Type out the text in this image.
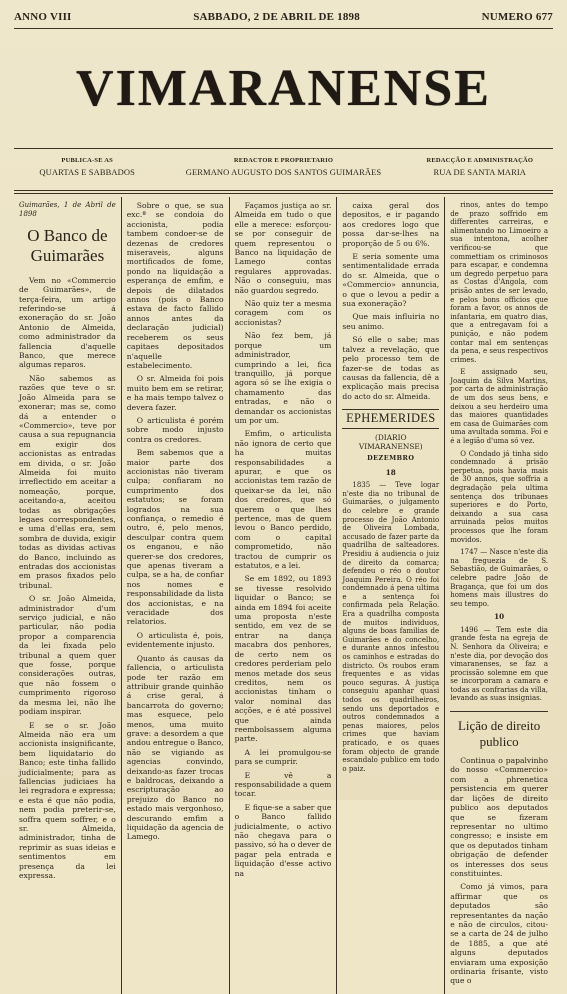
ANNO VIII	SABBADO, 2 DE ABRIL DE 1898	NUMERO 677
VIMARANENSE
PUBLICA-SE AS
QUARTAS E SABBADOS
REDACTOR E PROPRIETARIO
GERMANO AUGUSTO DOS SANTOS GUIMARÃES
REDACÇÃO E ADMINISTRAÇÃO
RUA DE SANTA MARIA
Guimarães, 1 de Abril de 1898
O Banco de
Guimarães

Vem no «Commercio de Guimarães», de terça-feira, um artigo referindo-se á exoneração do sr. João Antonio de Almeida, como administrador da fallencia d'aquelle Banco, que merece algumas reparos.

Não sabemos as razões que teve o sr. João Almeida para se exonerar; mas se, como dá a entender o «Commercio», teve por causa a sua repugnancia em exigir dos accionistas as entradas em divida, o sr. João Almeida foi muito irreflectido em aceitar a nomeação, porque, aceitando-a, aceitou todas as obrigações legaes correspondentes, e uma d'ellas era, sem sombra de duvida, exigir todas as dividas activas do Banco, incluindo as entradas dos accionistas em prasos fixados pelo tribunal.

O sr. João Almeida, administrador d'um serviço judicial, e não particular, não podia propor a comparencia da lei fixada pelo tribunal a quem quer que fosse, porque considerações outras, que não fossem o cumprimento rigoroso da mesma lei, não lhe podiam inspirar.

E se o sr. João Almeida não era um accionista insignificante, bem liquidatario do Banco; este tinha fallido judicialmente; para as fallencias judiciaes ha lei regradora e expressa; e esta é que não podia, nem podia preterir-se, soffra quem soffrer, e o sr. Almeida, administrador, tinha de reprimir as suas ideias e sentimentos em presença da lei expressa.

Sobre o que, se sua exc.ª se condoia do accionista, podia tambem condoer-se de dezenas de credores miseraveis, alguns mortificados de fome, pondo na liquidação a esperança de emfim, e depois de dilatados annos (pois o Banco estava de facto fallido annos antes da declaração judicial) receberem os seus capitaes depositados n'aquelle estabelecimento.

O sr. Almeida foi pois muito bem em se retirar, e ha mais tempo talvez o devera fazer.

O articulista é porém sobre modo injusto contra os credores.

Bem sabemos que a maior parte dos accionistas não tiveram culpa; confiaram no cumprimento dos estatutos; se foram logrados na sua confiança, o remedio é outro, é, pelo menos, desculpar contra quem os enganou, e não querer-se dos credores, que apenas tiveram a culpa, se a ha, de confiar nos nomes e responsabilidade da lista dos accionistas, e na veracidade dos relatorios.

O articulista é, pois, evidentemente injusto.

Quanto ás causas da fallencia, o articulista pode ter razão em attribuir grande quinhão á crise geral, á bancarrota do governo; mas esquece, pelo menos, uma muito grave: a desordem a que andou entregue o Banco, não se vigiando as agencias convindo, deixando-as fazer trocas e baldrocas, deixando a escripturação ao prejuizo do Banco no estado mais vergonhoso, descurando emfim a liquidação da agencia de Lamego.

Façamos justiça ao sr. Almeida em tudo o que elle a merece: esforçou-se por conseguir de quem representou o Banco na liquidação de Lamego contas regulares approvadas. Não o conseguiu, mas não guardou segredo.

Não quiz ter a mesma coragem com os accionistas?

Não fez bem, já porque um administrador, cumprindo a lei, fica tranquillo, já porque agora só se lhe exigia o chamamento das entradas, e não o demandar os accionistas um por um.

Emfim, o articulista não ignora de certo que ha muitas responsabilidades a apurar, e que os accionistas tem razão de queixar-se da lei, não dos credores, que só querem o que lhes pertence, mas de quem levou o Banco perdido, com o capital comprometido, não tractou de cumprir os estatutos, e a lei.

Se em 1892, ou 1893 se tivesse resolvido liquidar o Banco; se ainda em 1894 foi aceite uma proposta n'este sentido, em vez de se entrar na dança macabra dos penhores, de certo nem os credores perderiam pelo menos metade dos seus creditos, nem os accionistas tinham o valor nominal das acções, e é até possivel que ainda reembolsassem alguma parte.

A lei promulgou-se para se cumprir.

E vê a responsabilidade a quem tocar.

E fique-se a saber que o Banco fallido judicialmente, o activo não chegava para o passivo, só ha o dever de pagar pela entrada e liquidação d'esse activo na

caixa geral dos depositos, e ir pagando aos credores logo que possa dar-se-lhes na proporção de 5 ou 6%.

E seria somente uma sentimentalidade errada do sr. Almeida, que o «Commercio» annuncia, o que o levou a pedir a sua exoneração?

Que mais influiria no seu animo.

Só elle o sabe; mas talvez a revelação, que pelo processo tem de fazer-se de todas as causas da fallencia, dê a explicação mais precisa do acto do sr. Almeida.

EPHEMERIDES
(DIARIO VIMARANENSE)
DEZEMBRO
18

1835 — Teve logar n'este dia no tribunal de Guimarães, o julgamento do celebre e grande processo de João Antonio de Oliveira Lombada, accusado de fazer parte da quadrilha de salteadores. Presidiu á audiencia o juiz de direito da comarca; defendeu o réo o doutor Joaquim Pereira. O réo foi condemnado á pena ultima e a sentença foi confirmada pela Relação. Era a quadrilha composta de muitos individuos, alguns de boas familias de Guimarães e do concelho, e durante annos infestou os caminhos e estradas do districto. Os roubos eram frequentes e as vidas pouco seguras. A justiça conseguiu apanhar quasi todos os quadrilheiros, sendo uns deportados e outros condemnados a penas maiores, pelos crimes que haviam praticado, e os quaes foram objecto de grande escandalo publico em todo o paiz.

rinos, antes do tempo de prazo soffrido em differentes carreiras, e alimentando no Limoeiro a sua intentona, acolher verificou-se que commettiam os criminosos para escapar, e condemna um degredo perpetuo para as Costas d'Angola, com prisão antes de ser levado, e pelos bons officios que foram a favor, os annos de infantaria, em quatro dias, que a entregavam foi a punição, e não podem contar mal em sentenças da pena, e seus respectivos crimes.

E assignado seu, Joaquim da Silva Martins, por carta de administração de um dos seus bens, e deixou a seu herdeiro uma das maiores quantidades em casa de Guimarães com uma avultada somma. Foi e é a legião d'uma só vez.

O Condado já tinha sido condemnado á prisão perpetua, pois havia mais de 30 annos, que soffria a degradação pela ultima sentença dos tribunaes superiores e do Porto, deixando a sua casa arruinada pelos muitos processos que lhe foram movidos.

1747 — Nasce n'este dia na freguezia de S. Sebastião, de Guimarães, o celebre padre João de Bragança, que foi um dos homens mais illustres do seu tempo.

10

1496 — Tem este dia grande festa na egreja de N. Senhora da Oliveira; e n'este dia, por devoção dos vimaranenses, se faz a procissão solemne em que se incorporam a camara e todas as confrarias da villa, levando as suas insignias.

Lição de direito publico

Continua o papalvinho do nosso «Commercio» com a phrenetica persistencia em querer dar lições de direito publico aos deputados que se fizeram representar no ultimo congresso; e insiste em que os deputados tinham obrigação de defender os interesses dos seus constituintes.

Como já vimos, para affirmar que os deputados são representantes da nação e não de circulos, citou-se a carta de 24 de julho de 1885, a que até alguns deputados enviaram uma exposição ordinaria frisante, visto que o
